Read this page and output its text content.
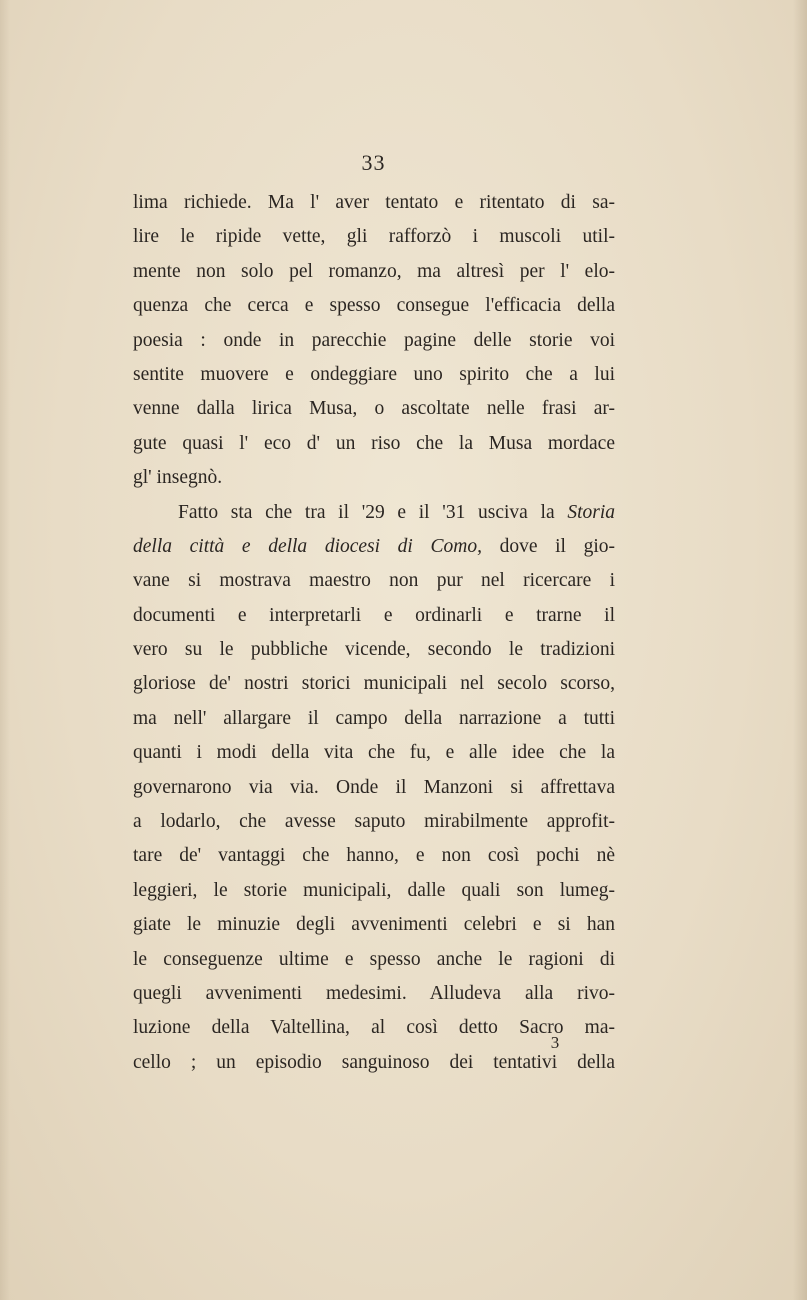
33
lima richiede. Ma l' aver tentato e ritentato di sa-
lire le ripide vette, gli rafforzò i muscoli util-
mente non solo pel romanzo, ma altresì per l' elo-
quenza che cerca e spesso consegue l'efficacia della
poesia : onde in parecchie pagine delle storie voi
sentite muovere e ondeggiare uno spirito che a lui
venne dalla lirica Musa, o ascoltate nelle frasi ar-
gute quasi l' eco d' un riso che la Musa mordace
gl' insegnò.
Fatto sta che tra il '29 e il '31 usciva la Storia
della città e della diocesi di Como, dove il gio-
vane si mostrava maestro non pur nel ricercare i
documenti e interpretarli e ordinarli e trarne il
vero su le pubbliche vicende, secondo le tradizioni
gloriose de' nostri storici municipali nel secolo scorso,
ma nell' allargare il campo della narrazione a tutti
quanti i modi della vita che fu, e alle idee che la
governarono via via. Onde il Manzoni si affrettava
a lodarlo, che avesse saputo mirabilmente approfit-
tare de' vantaggi che hanno, e non così pochi nè
leggieri, le storie municipali, dalle quali son lumeg-
giate le minuzie degli avvenimenti celebri e si han
le conseguenze ultime e spesso anche le ragioni di
quegli avvenimenti medesimi. Alludeva alla rivo-
luzione della Valtellina, al così detto Sacro ma-
cello ; un episodio sanguinoso dei tentativi della
3
